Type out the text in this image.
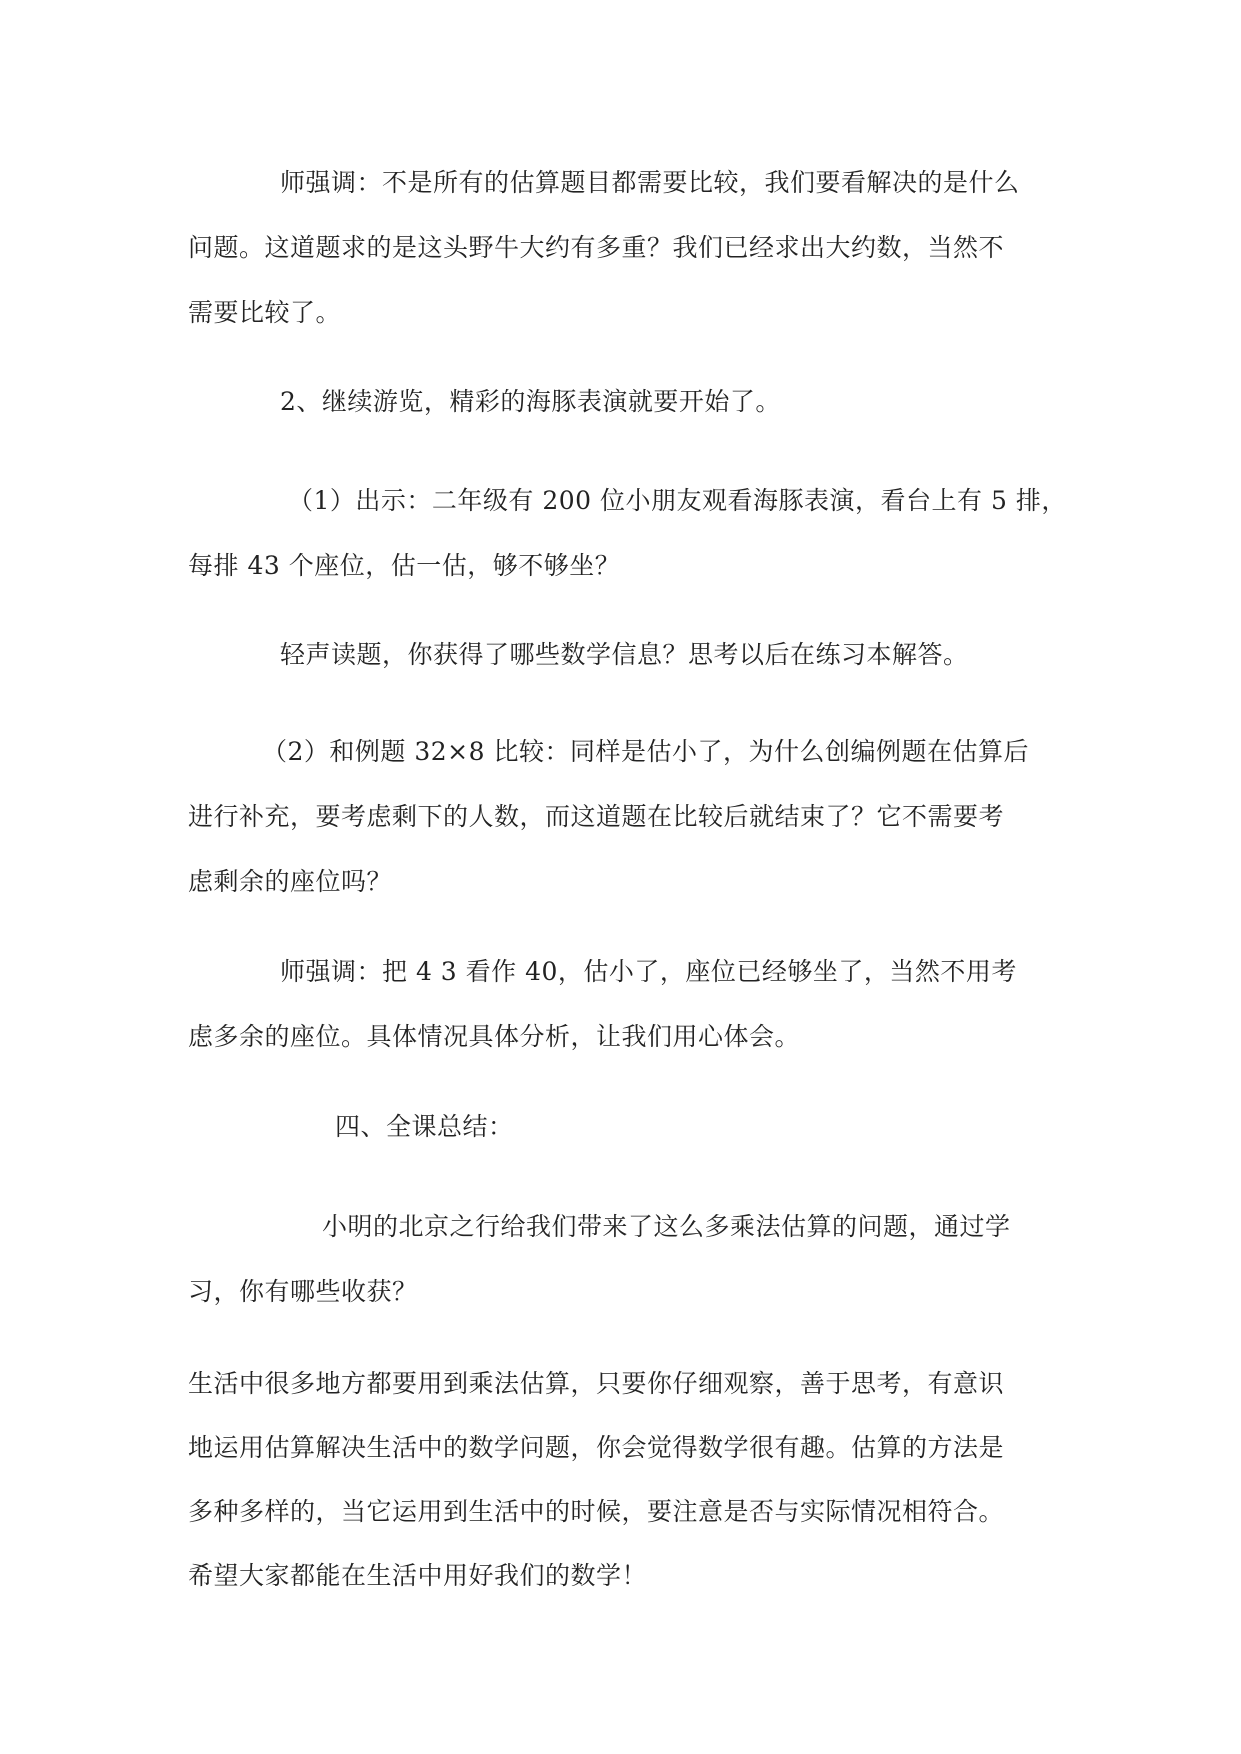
师强调：不是所有的估算题目都需要比较，我们要看解决的是什么
问题。这道题求的是这头野牛大约有多重？我们已经求出大约数，当然不
需要比较了。
2、继续游览，精彩的海豚表演就要开始了。
（1）出示：二年级有 200 位小朋友观看海豚表演，看台上有 5 排，
每排 43 个座位，估一估，够不够坐？
轻声读题，你获得了哪些数学信息？思考以后在练习本解答。
（2）和例题 32×8 比较：同样是估小了，为什么创编例题在估算后
进行补充，要考虑剩下的人数，而这道题在比较后就结束了？它不需要考
虑剩余的座位吗？
师强调：把 4 3 看作 40，估小了，座位已经够坐了，当然不用考
虑多余的座位。具体情况具体分析，让我们用心体会。
四、全课总结：
小明的北京之行给我们带来了这么多乘法估算的问题，通过学
习，你有哪些收获？
生活中很多地方都要用到乘法估算，只要你仔细观察，善于思考，有意识
地运用估算解决生活中的数学问题，你会觉得数学很有趣。估算的方法是
多种多样的，当它运用到生活中的时候，要注意是否与实际情况相符合。
希望大家都能在生活中用好我们的数学！
